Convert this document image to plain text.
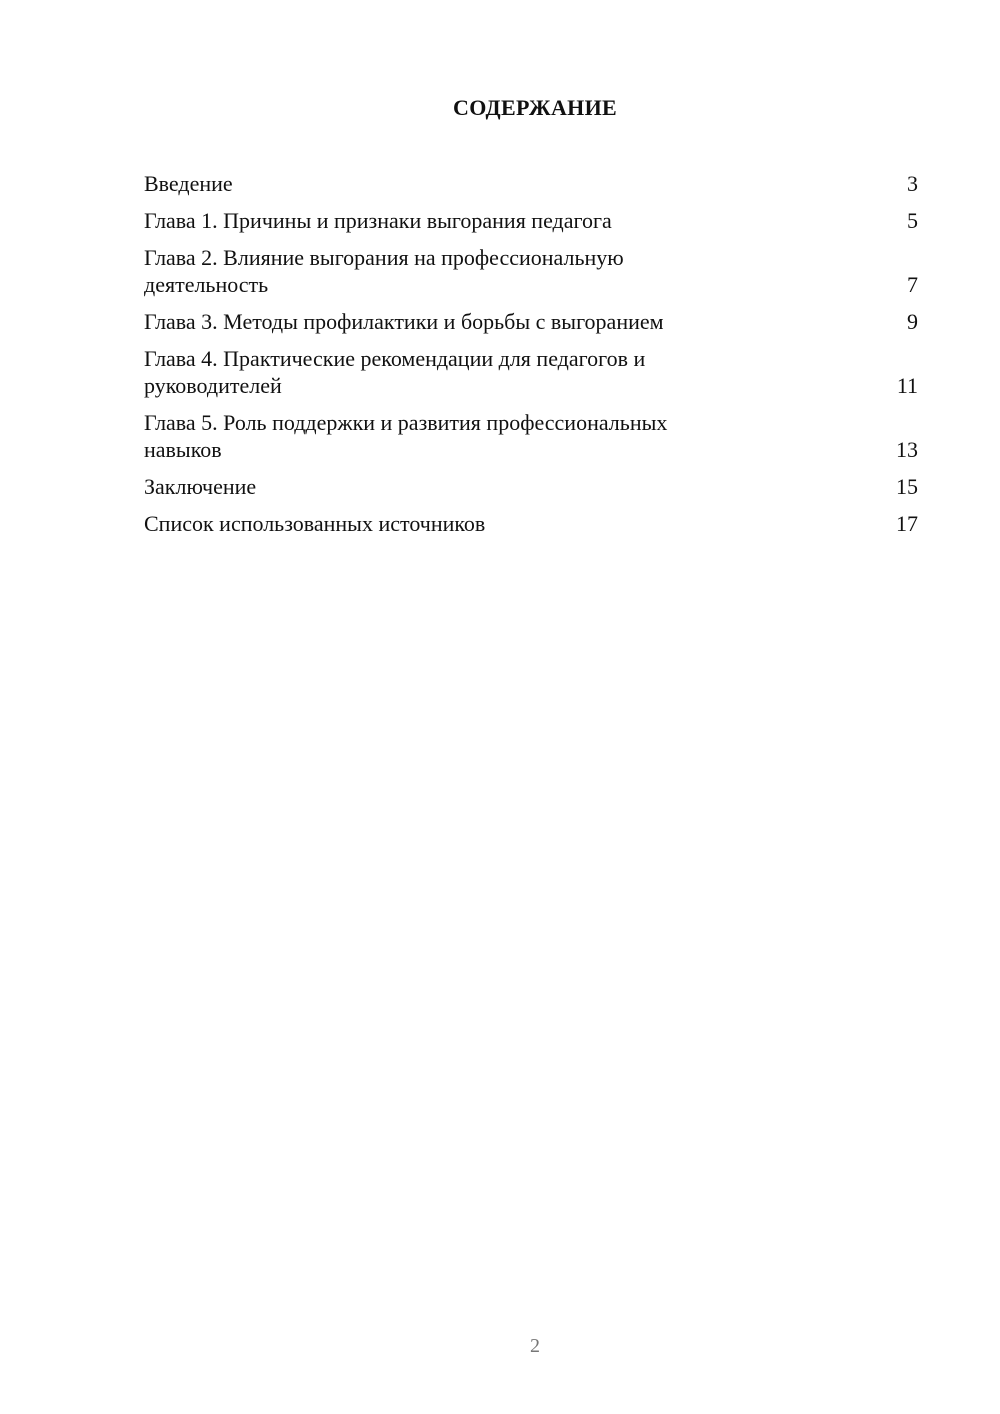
СОДЕРЖАНИЕ
Введение	3
Глава 1. Причины и признаки выгорания педагога	5
Глава 2. Влияние выгорания на профессиональную
деятельность	7
Глава 3. Методы профилактики и борьбы с выгоранием	9
Глава 4. Практические рекомендации для педагогов и
руководителей	11
Глава 5. Роль поддержки и развития профессиональных
навыков	13
Заключение	15
Список использованных источников	17
2
